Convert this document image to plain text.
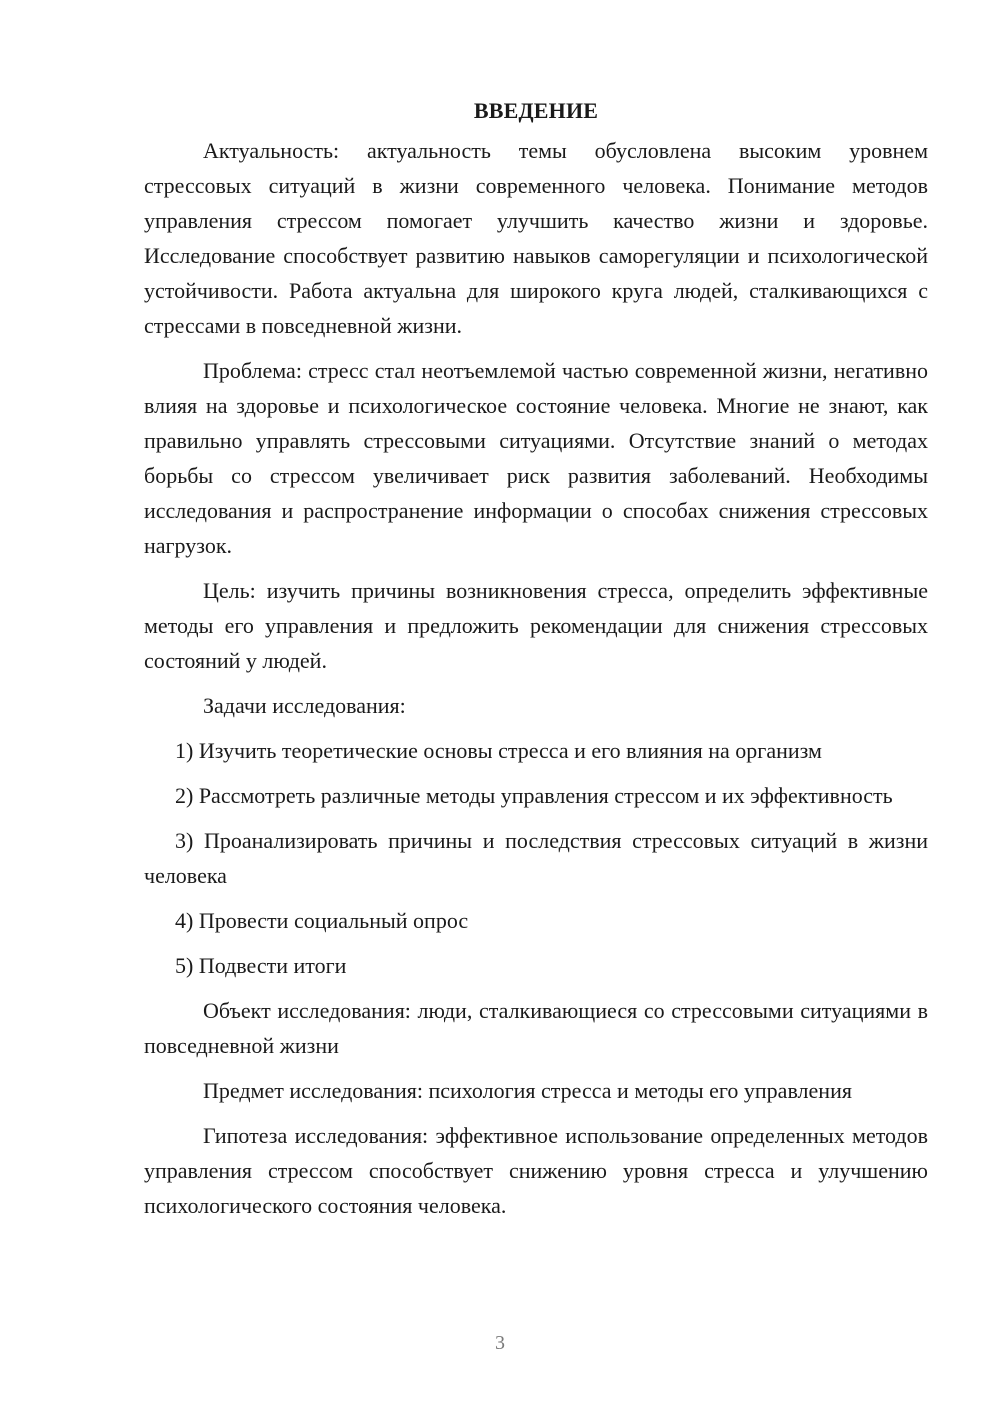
ВВЕДЕНИЕ

Актуальность: актуальность темы обусловлена высоким уровнем стрессовых ситуаций в жизни современного человека. Понимание методов управления стрессом помогает улучшить качество жизни и здоровье. Исследование способствует развитию навыков саморегуляции и психологической устойчивости. Работа актуальна для широкого круга людей, сталкивающихся с стрессами в повседневной жизни.

Проблема: стресс стал неотъемлемой частью современной жизни, негативно влияя на здоровье и психологическое состояние человека. Многие не знают, как правильно управлять стрессовыми ситуациями. Отсутствие знаний о методах борьбы со стрессом увеличивает риск развития заболеваний. Необходимы исследования и распространение информации о способах снижения стрессовых нагрузок.

Цель: изучить причины возникновения стресса, определить эффективные методы его управления и предложить рекомендации для снижения стрессовых состояний у людей.

Задачи исследования:

1) Изучить теоретические основы стресса и его влияния на организм

2) Рассмотреть различные методы управления стрессом и их эффективность

3) Проанализировать причины и последствия стрессовых ситуаций в жизни человека

4) Провести социальный опрос

5) Подвести итоги

Объект исследования: люди, сталкивающиеся со стрессовыми ситуациями в повседневной жизни

Предмет исследования: психология стресса и методы его управления

Гипотеза исследования: эффективное использование определенных методов управления стрессом способствует снижению уровня стресса и улучшению психологического состояния человека.

3
